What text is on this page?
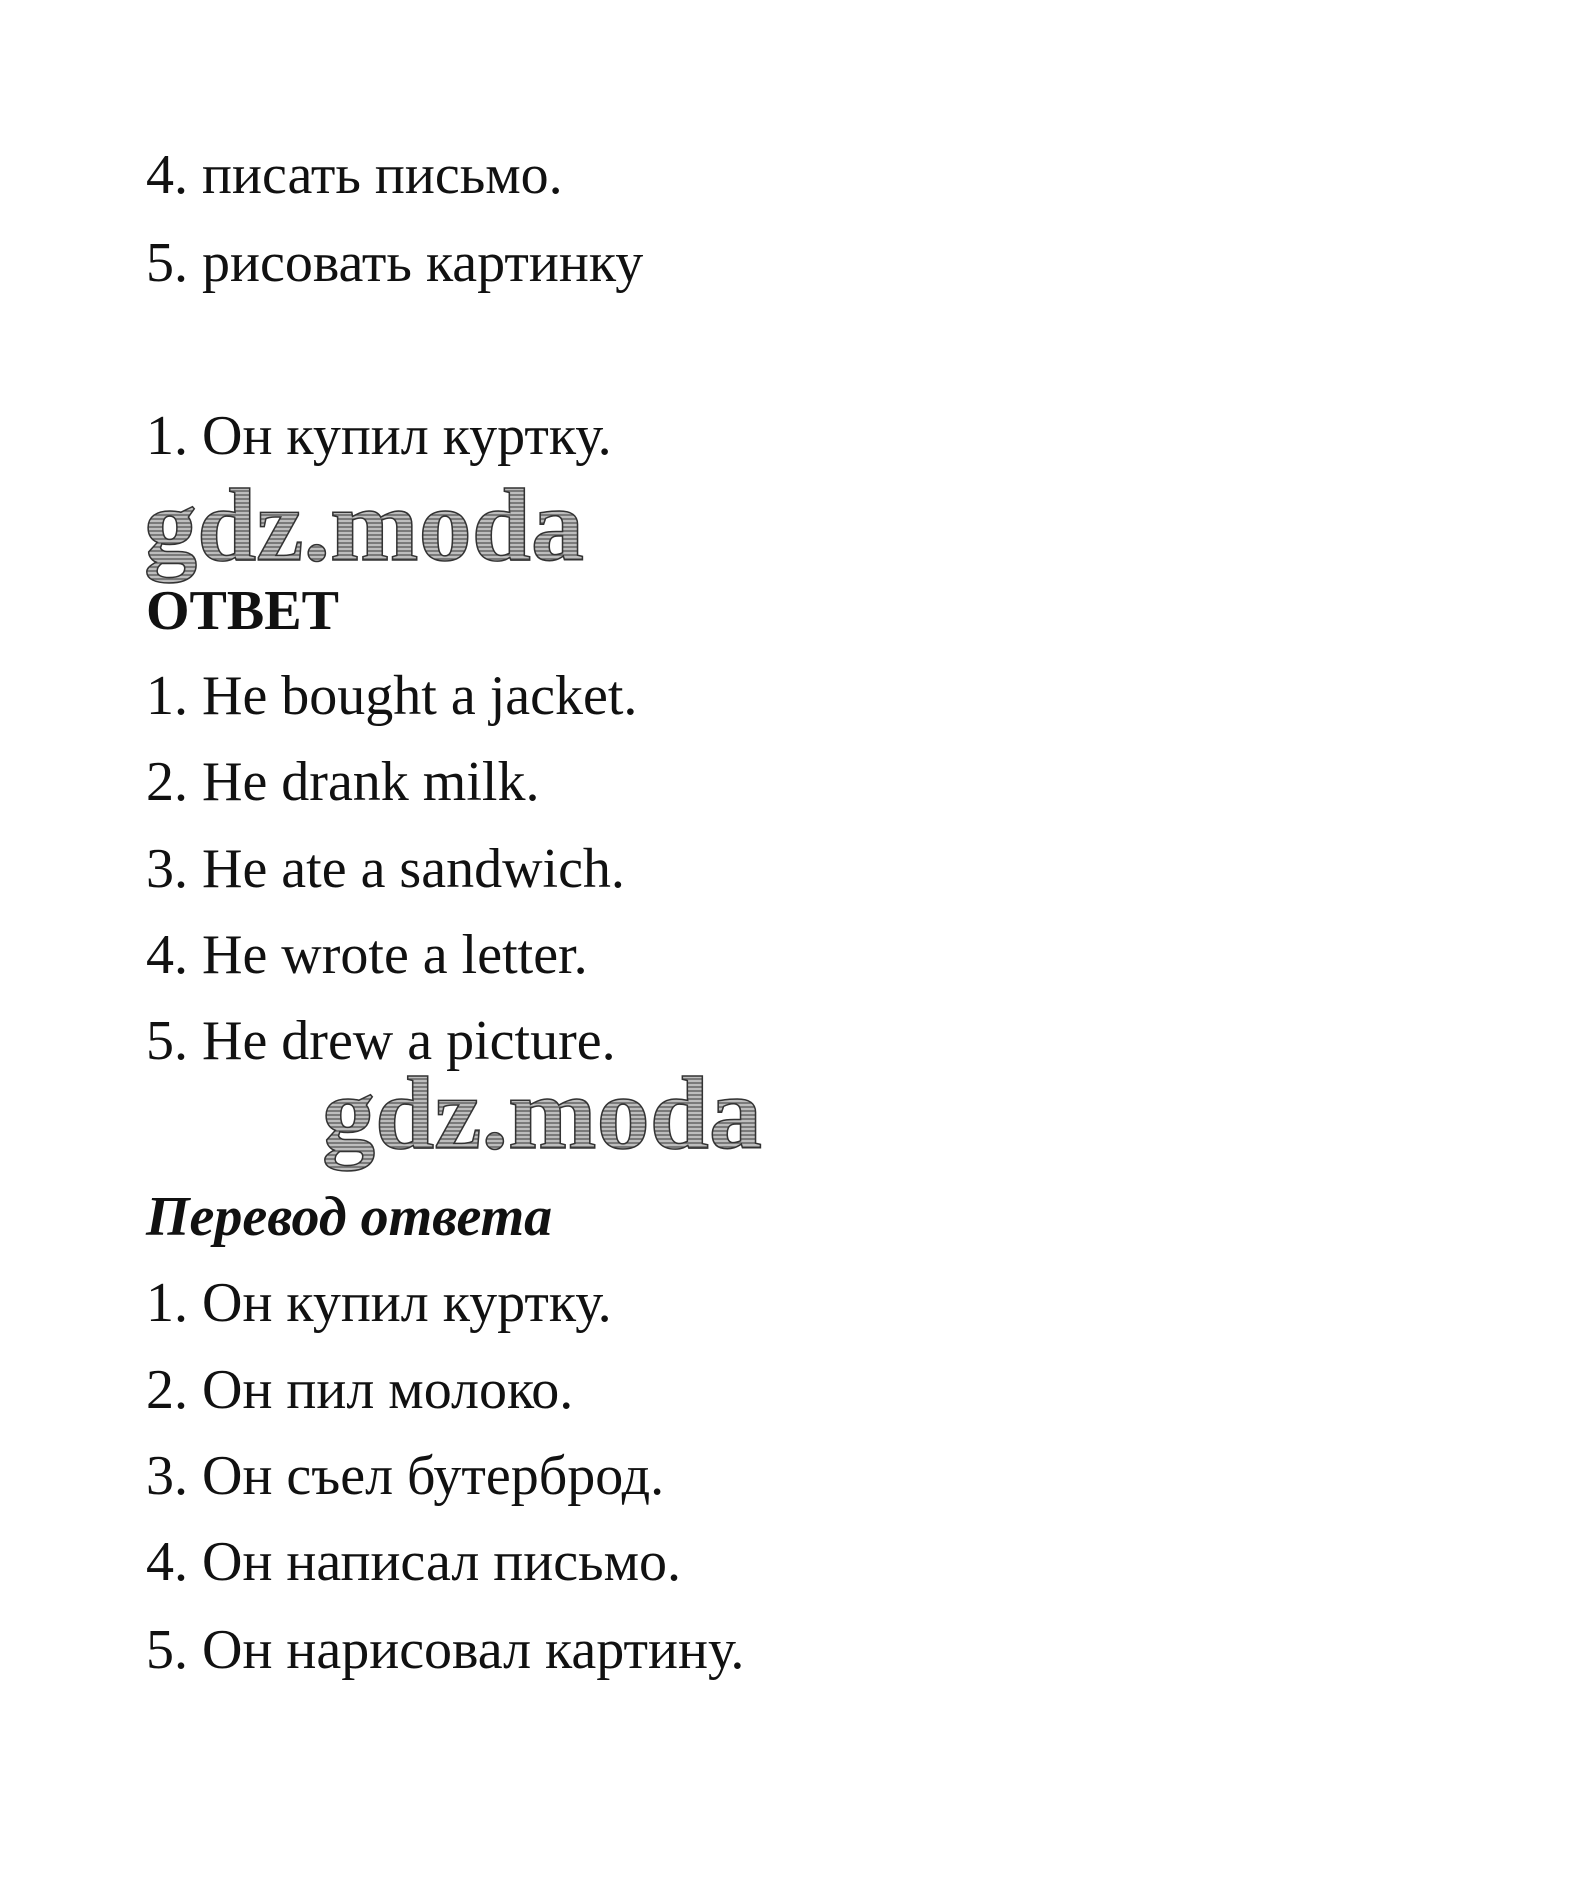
4. писать письмо.
5. рисовать картинку
1. Он купил куртку.
gdz.moda
ОТВЕТ
1. He bought a jacket.
2. He drank milk.
3. He ate a sandwich.
4. He wrote a letter.
5. He drew a picture.
gdz.moda
Перевод ответа
1. Он купил куртку.
2. Он пил молоко.
3. Он съел бутерброд.
4. Он написал письмо.
5. Он нарисовал картину.
